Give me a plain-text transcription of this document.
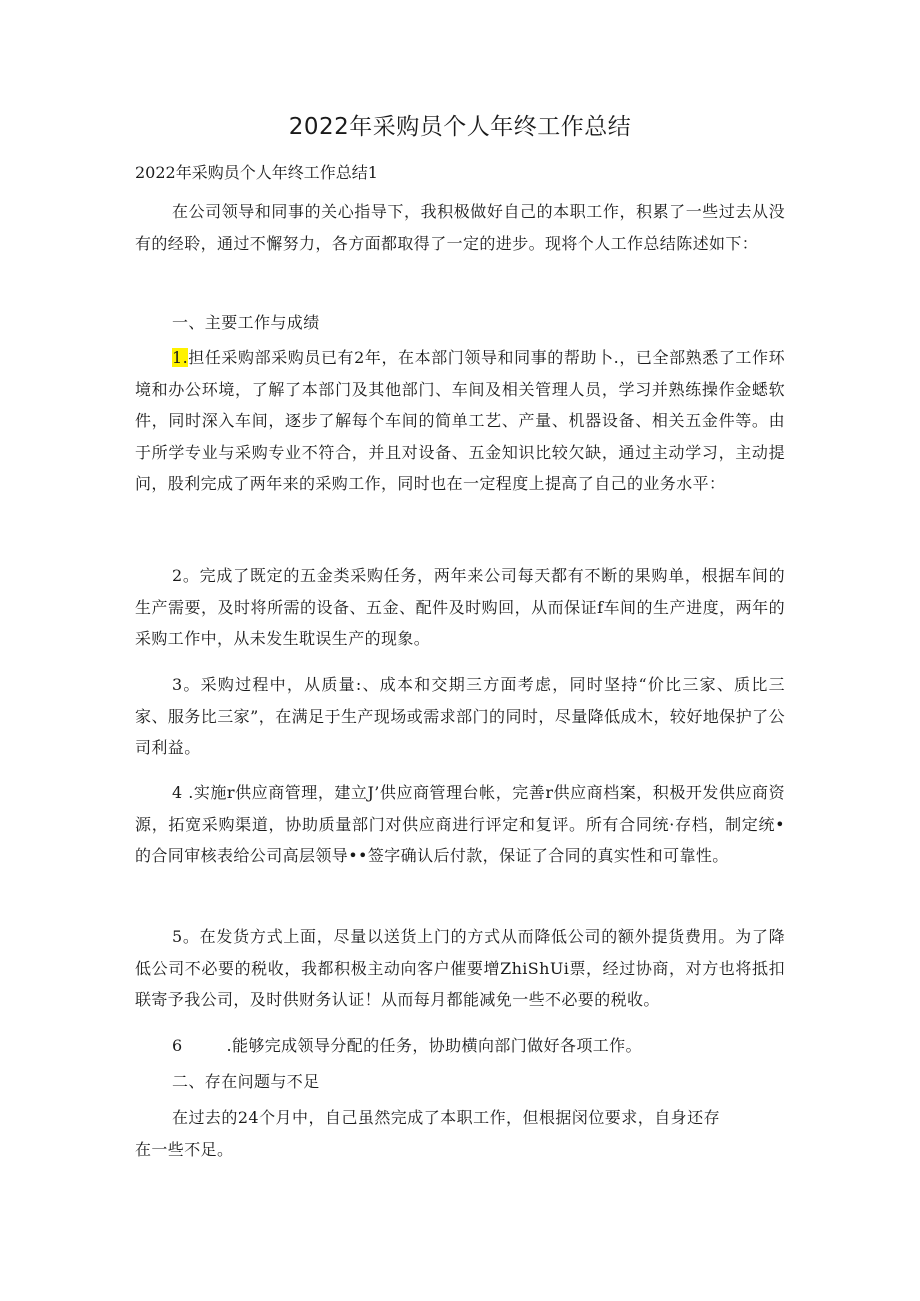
2022年采购员个人年终工作总结
2022年采购员个人年终工作总结1
在公司领导和同事的关心指导下，我积极做好自己的本职工作，积累了一些过去从没有的经聆，通过不懈努力，各方面都取得了一定的进步。现将个人工作总结陈述如下：
一、主要工作与成绩
1.担任采购部采购员已有2年，在本部门领导和同事的帮助卜.，已全部熟悉了工作环境和办公环境，了解了本部门及其他部门、车间及相关管理人员，学习并熟练操作金蟋软件，同时深入车间，逐步了解每个车间的简单工艺、产量、机器设备、相关五金件等。由于所学专业与采购专业不符合，并且对设备、五金知识比较欠缺，通过主动学习，主动提问，股利完成了两年来的采购工作，同时也在一定程度上提高了自己的业务水平：
2。完成了既定的五金类采购任务，两年来公司每天都有不断的果购单，根据车间的生产需要，及时将所需的设备、五金、配件及时购回，从而保证f车间的生产进度，两年的采购工作中，从未发生耽误生产的现象。
3。采购过程中，从质量:、成本和交期三方面考虑，同时坚持“价比三家、质比三家、服务比三家”，在满足于生产现场或需求部门的同时，尽量降低成木，较好地保护了公司利益。
4 .实施r供应商管理，建立J’供应商管理台帐，完善r供应商档案，积极开发供应商资源，拓宽采购渠道，协助质量部门对供应商进行评定和复评。所有合同统·存档，制定统•的合同审核表给公司高层领导••签字确认后付款，保证了合同的真实性和可靠性。
5。在发货方式上面，尽量以送货上门的方式从而降低公司的额外提货费用。为了降低公司不必要的税收，我都积极主动向客户催要增ZhiShUi票，经过协商，对方也将抵扣联寄予我公司，及时供财务认证！从而每月都能减免一些不必要的税收。
6        .能够完成领导分配的任务，协助横向部门做好各项工作。
二、存在问题与不足
在过去的24个月中，自己虽然完成了本职工作，但根据闵位要求，自身还存在一些不足。
